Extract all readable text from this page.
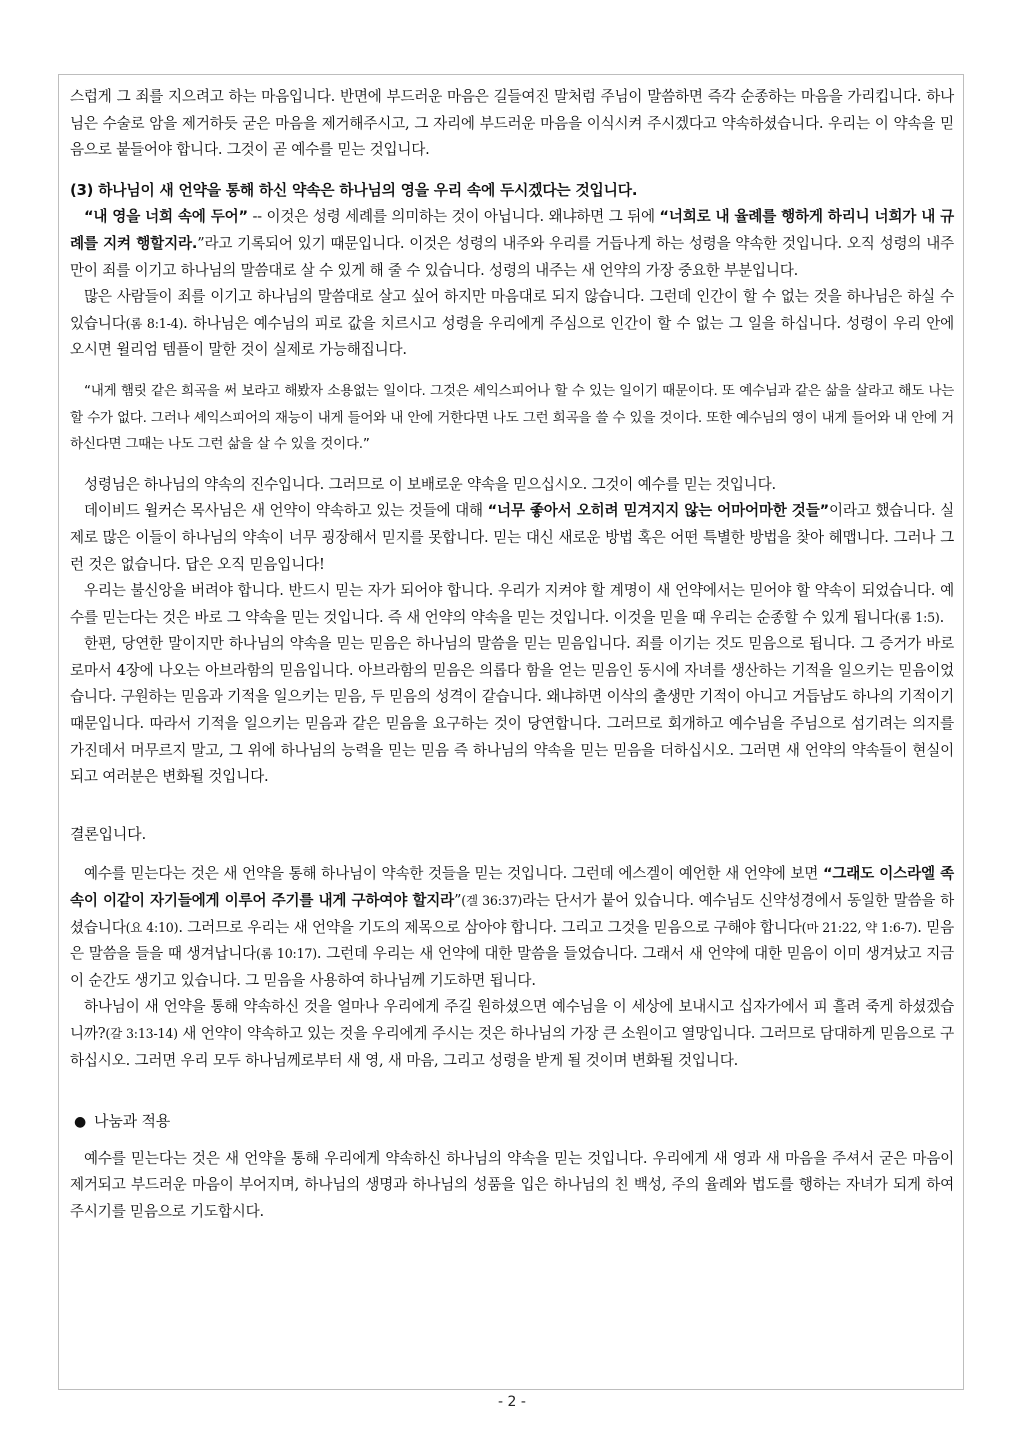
스럽게 그 죄를 지으려고 하는 마음입니다. 반면에 부드러운 마음은 길들여진 말처럼 주님이 말씀하면 즉각 순종하는 마음을 가리킵니다. 하나님은 수술로 암을 제거하듯 굳은 마음을 제거해주시고, 그 자리에 부드러운 마음을 이식시켜 주시겠다고 약속하셨습니다. 우리는 이 약속을 믿음으로 붙들어야 합니다. 그것이 곧 예수를 믿는 것입니다.

(3) 하나님이 새 언약을 통해 하신 약속은 하나님의 영을 우리 속에 두시겠다는 것입니다.

“내 영을 너희 속에 두어” -- 이것은 성령 세례를 의미하는 것이 아닙니다. 왜냐하면 그 뒤에 “너희로 내 율례를 행하게 하리니 너희가 내 규례를 지켜 행할지라.”라고 기록되어 있기 때문입니다. 이것은 성령의 내주와 우리를 거듭나게 하는 성령을 약속한 것입니다. 오직 성령의 내주만이 죄를 이기고 하나님의 말씀대로 살 수 있게 해 줄 수 있습니다. 성령의 내주는 새 언약의 가장 중요한 부분입니다.

많은 사람들이 죄를 이기고 하나님의 말씀대로 살고 싶어 하지만 마음대로 되지 않습니다. 그런데 인간이 할 수 없는 것을 하나님은 하실 수 있습니다(롬 8:1-4). 하나님은 예수님의 피로 값을 치르시고 성령을 우리에게 주심으로 인간이 할 수 없는 그 일을 하십니다. 성령이 우리 안에 오시면 윌리엄 템플이 말한 것이 실제로 가능해집니다.

“내게 햄릿 같은 희곡을 써 보라고 해봤자 소용없는 일이다. 그것은 셰익스피어나 할 수 있는 일이기 때문이다. 또 예수님과 같은 삶을 살라고 해도 나는 할 수가 없다. 그러나 셰익스피어의 재능이 내게 들어와 내 안에 거한다면 나도 그런 희곡을 쓸 수 있을 것이다. 또한 예수님의 영이 내게 들어와 내 안에 거하신다면 그때는 나도 그런 삶을 살 수 있을 것이다.”

성령님은 하나님의 약속의 진수입니다. 그러므로 이 보배로운 약속을 믿으십시오. 그것이 예수를 믿는 것입니다.

데이비드 윌커슨 목사님은 새 언약이 약속하고 있는 것들에 대해 “너무 좋아서 오히려 믿겨지지 않는 어마어마한 것들”이라고 했습니다. 실제로 많은 이들이 하나님의 약속이 너무 굉장해서 믿지를 못합니다. 믿는 대신 새로운 방법 혹은 어떤 특별한 방법을 찾아 헤맵니다. 그러나 그런 것은 없습니다. 답은 오직 믿음입니다!

우리는 불신앙을 버려야 합니다. 반드시 믿는 자가 되어야 합니다. 우리가 지켜야 할 계명이 새 언약에서는 믿어야 할 약속이 되었습니다. 예수를 믿는다는 것은 바로 그 약속을 믿는 것입니다. 즉 새 언약의 약속을 믿는 것입니다. 이것을 믿을 때 우리는 순종할 수 있게 됩니다(롬 1:5).

한편, 당연한 말이지만 하나님의 약속을 믿는 믿음은 하나님의 말씀을 믿는 믿음입니다. 죄를 이기는 것도 믿음으로 됩니다. 그 증거가 바로 로마서 4장에 나오는 아브라함의 믿음입니다. 아브라함의 믿음은 의롭다 함을 얻는 믿음인 동시에 자녀를 생산하는 기적을 일으키는 믿음이었습니다. 구원하는 믿음과 기적을 일으키는 믿음, 두 믿음의 성격이 같습니다. 왜냐하면 이삭의 출생만 기적이 아니고 거듭남도 하나의 기적이기 때문입니다. 따라서 기적을 일으키는 믿음과 같은 믿음을 요구하는 것이 당연합니다. 그러므로 회개하고 예수님을 주님으로 섬기려는 의지를 가진데서 머무르지 말고, 그 위에 하나님의 능력을 믿는 믿음 즉 하나님의 약속을 믿는 믿음을 더하십시오. 그러면 새 언약의 약속들이 현실이 되고 여러분은 변화될 것입니다.

결론입니다.

예수를 믿는다는 것은 새 언약을 통해 하나님이 약속한 것들을 믿는 것입니다. 그런데 에스겔이 예언한 새 언약에 보면 “그래도 이스라엘 족속이 이같이 자기들에게 이루어 주기를 내게 구하여야 할지라”(겔 36:37)라는 단서가 붙어 있습니다. 예수님도 신약성경에서 동일한 말씀을 하셨습니다(요 4:10). 그러므로 우리는 새 언약을 기도의 제목으로 삼아야 합니다. 그리고 그것을 믿음으로 구해야 합니다(마 21:22, 약 1:6-7). 믿음은 말씀을 들을 때 생겨납니다(롬 10:17). 그런데 우리는 새 언약에 대한 말씀을 들었습니다. 그래서 새 언약에 대한 믿음이 이미 생겨났고 지금 이 순간도 생기고 있습니다. 그 믿음을 사용하여 하나님께 기도하면 됩니다.

하나님이 새 언약을 통해 약속하신 것을 얼마나 우리에게 주길 원하셨으면 예수님을 이 세상에 보내시고 십자가에서 피 흘려 죽게 하셨겠습니까?(갈 3:13-14) 새 언약이 약속하고 있는 것을 우리에게 주시는 것은 하나님의 가장 큰 소원이고 열망입니다. 그러므로 담대하게 믿음으로 구하십시오. 그러면 우리 모두 하나님께로부터 새 영, 새 마음, 그리고 성령을 받게 될 것이며 변화될 것입니다.

● 나눔과 적용

예수를 믿는다는 것은 새 언약을 통해 우리에게 약속하신 하나님의 약속을 믿는 것입니다. 우리에게 새 영과 새 마음을 주셔서 굳은 마음이 제거되고 부드러운 마음이 부어지며, 하나님의 생명과 하나님의 성품을 입은 하나님의 친 백성, 주의 율례와 법도를 행하는 자녀가 되게 하여 주시기를 믿음으로 기도합시다.

- 2 -
